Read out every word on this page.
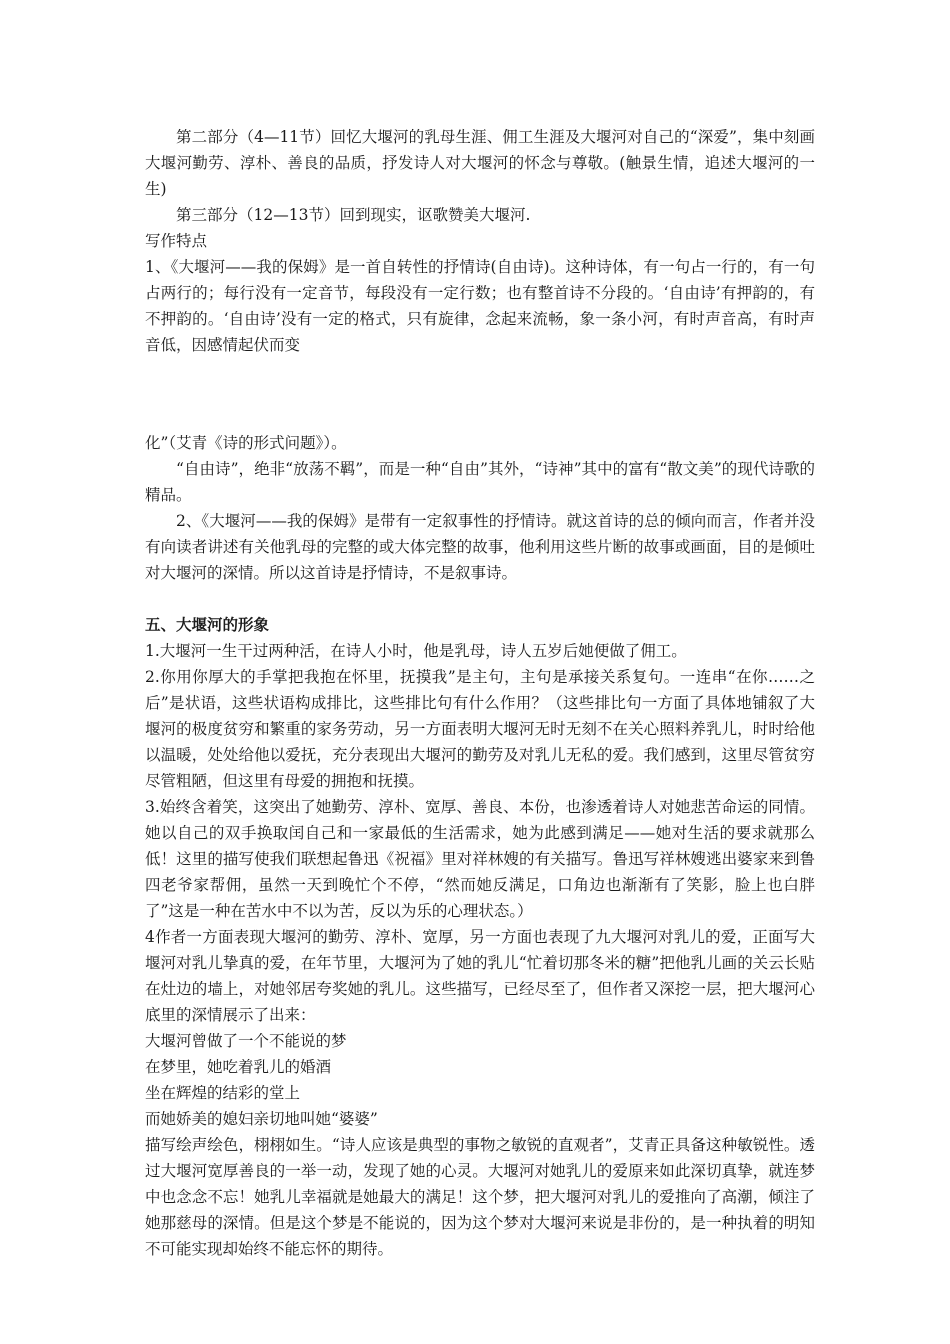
第二部分（4—11节）回忆大堰河的乳母生涯、佣工生涯及大堰河对自己的“深爱”，集中刻画大堰河勤劳、淳朴、善良的品质，抒发诗人对大堰河的怀念与尊敬。(触景生情，追述大堰河的一生)

第三部分（12—13节）回到现实，讴歌赞美大堰河.

写作特点

1、《大堰河——我的保姆》是一首自转性的抒情诗(自由诗)。这种诗体，有一句占一行的，有一句占两行的；每行没有一定音节，每段没有一定行数；也有整首诗不分段的。‘自由诗’有押韵的，有不押韵的。‘自由诗’没有一定的格式，只有旋律，念起来流畅，象一条小河，有时声音高，有时声音低，因感情起伏而变

化”（艾青《诗的形式问题》）。

“自由诗”，绝非“放荡不羁”，而是一种“自由”其外，“诗神”其中的富有“散文美”的现代诗歌的精品。

2、《大堰河——我的保姆》是带有一定叙事性的抒情诗。就这首诗的总的倾向而言，作者并没有向读者讲述有关他乳母的完整的或大体完整的故事，他利用这些片断的故事或画面，目的是倾吐对大堰河的深情。所以这首诗是抒情诗，不是叙事诗。

五、大堰河的形象

1.大堰河一生干过两种活，在诗人小时，他是乳母，诗人五岁后她便做了佣工。

2.你用你厚大的手掌把我抱在怀里，抚摸我”是主句，主句是承接关系复句。一连串“在你……之后”是状语，这些状语构成排比，这些排比句有什么作用？（这些排比句一方面了具体地铺叙了大堰河的极度贫穷和繁重的家务劳动，另一方面表明大堰河无时无刻不在关心照料养乳儿，时时给他以温暖，处处给他以爱抚，充分表现出大堰河的勤劳及对乳儿无私的爱。我们感到，这里尽管贫穷尽管粗陋，但这里有母爱的拥抱和抚摸。

3.始终含着笑，这突出了她勤劳、淳朴、宽厚、善良、本份，也渗透着诗人对她悲苦命运的同情。她以自己的双手换取闰自己和一家最低的生活需求，她为此感到满足——她对生活的要求就那么低！这里的描写使我们联想起鲁迅《祝福》里对祥林嫂的有关描写。鲁迅写祥林嫂逃出婆家来到鲁四老爷家帮佣，虽然一天到晚忙个不停，“然而她反满足，口角边也渐渐有了笑影，脸上也白胖了”这是一种在苦水中不以为苦，反以为乐的心理状态。）

4作者一方面表现大堰河的勤劳、淳朴、宽厚，另一方面也表现了九大堰河对乳儿的爱，正面写大堰河对乳儿挚真的爱，在年节里，大堰河为了她的乳儿“忙着切那冬米的糖”把他乳儿画的关云长贴在灶边的墙上，对她邻居夸奖她的乳儿。这些描写，已经尽至了，但作者又深挖一层，把大堰河心底里的深情展示了出来：

大堰河曾做了一个不能说的梦

在梦里，她吃着乳儿的婚酒

坐在辉煌的结彩的堂上

而她娇美的媳妇亲切地叫她“婆婆”

描写绘声绘色，栩栩如生。“诗人应该是典型的事物之敏锐的直观者”，艾青正具备这种敏锐性。透过大堰河宽厚善良的一举一动，发现了她的心灵。大堰河对她乳儿的爱原来如此深切真挚，就连梦中也念念不忘！她乳儿幸福就是她最大的满足！这个梦，把大堰河对乳儿的爱推向了高潮，倾注了她那慈母的深情。但是这个梦是不能说的，因为这个梦对大堰河来说是非份的，是一种执着的明知不可能实现却始终不能忘怀的期待。
